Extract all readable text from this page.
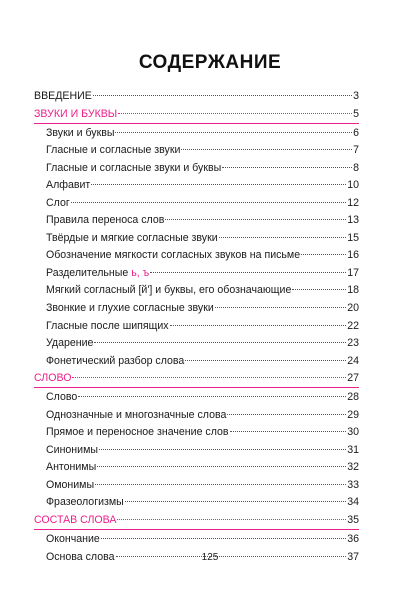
СОДЕРЖАНИЕ
ВВЕДЕНИЕ	3
ЗВУКИ И БУКВЫ	5
Звуки и буквы	6
Гласные и согласные звуки	7
Гласные и согласные звуки и буквы	8
Алфавит	10
Слог	12
Правила переноса слов	13
Твёрдые и мягкие согласные звуки	15
Обозначение мягкости согласных звуков на письме	16
Разделительные ь, ъ	17
Мягкий согласный [й'] и буквы, его обозначающие	18
Звонкие и глухие согласные звуки	20
Гласные после шипящих	22
Ударение	23
Фонетический разбор слова	24
СЛОВО	27
Слово	28
Однозначные и многозначные слова	29
Прямое и переносное значение слов	30
Синонимы	31
Антонимы	32
Омонимы	33
Фразеологизмы	34
СОСТАВ СЛОВА	35
Окончание	36
Основа слова	37
125
